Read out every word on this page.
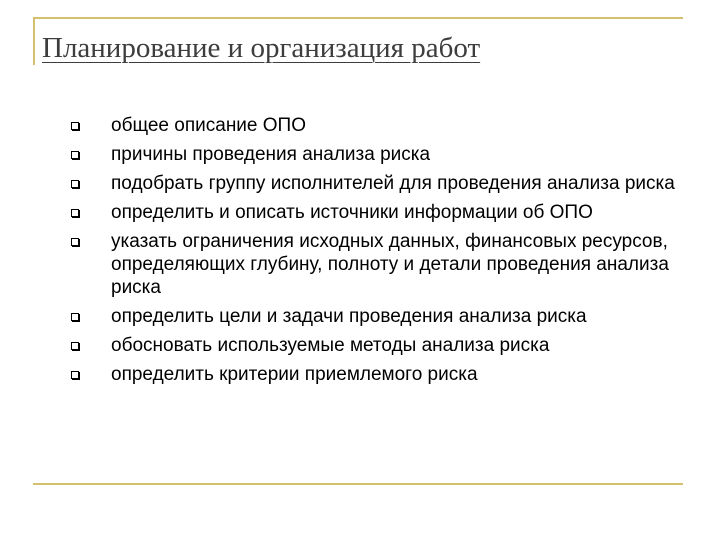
Планирование и организация работ
общее описание ОПО
причины проведения анализа риска
подобрать группу исполнителей для проведения анализа риска
определить и описать источники информации об ОПО
указать ограничения исходных данных, финансовых ресурсов, определяющих глубину, полноту и детали проведения анализа риска
определить цели и задачи проведения анализа риска
обосновать используемые методы анализа риска
определить критерии приемлемого риска
